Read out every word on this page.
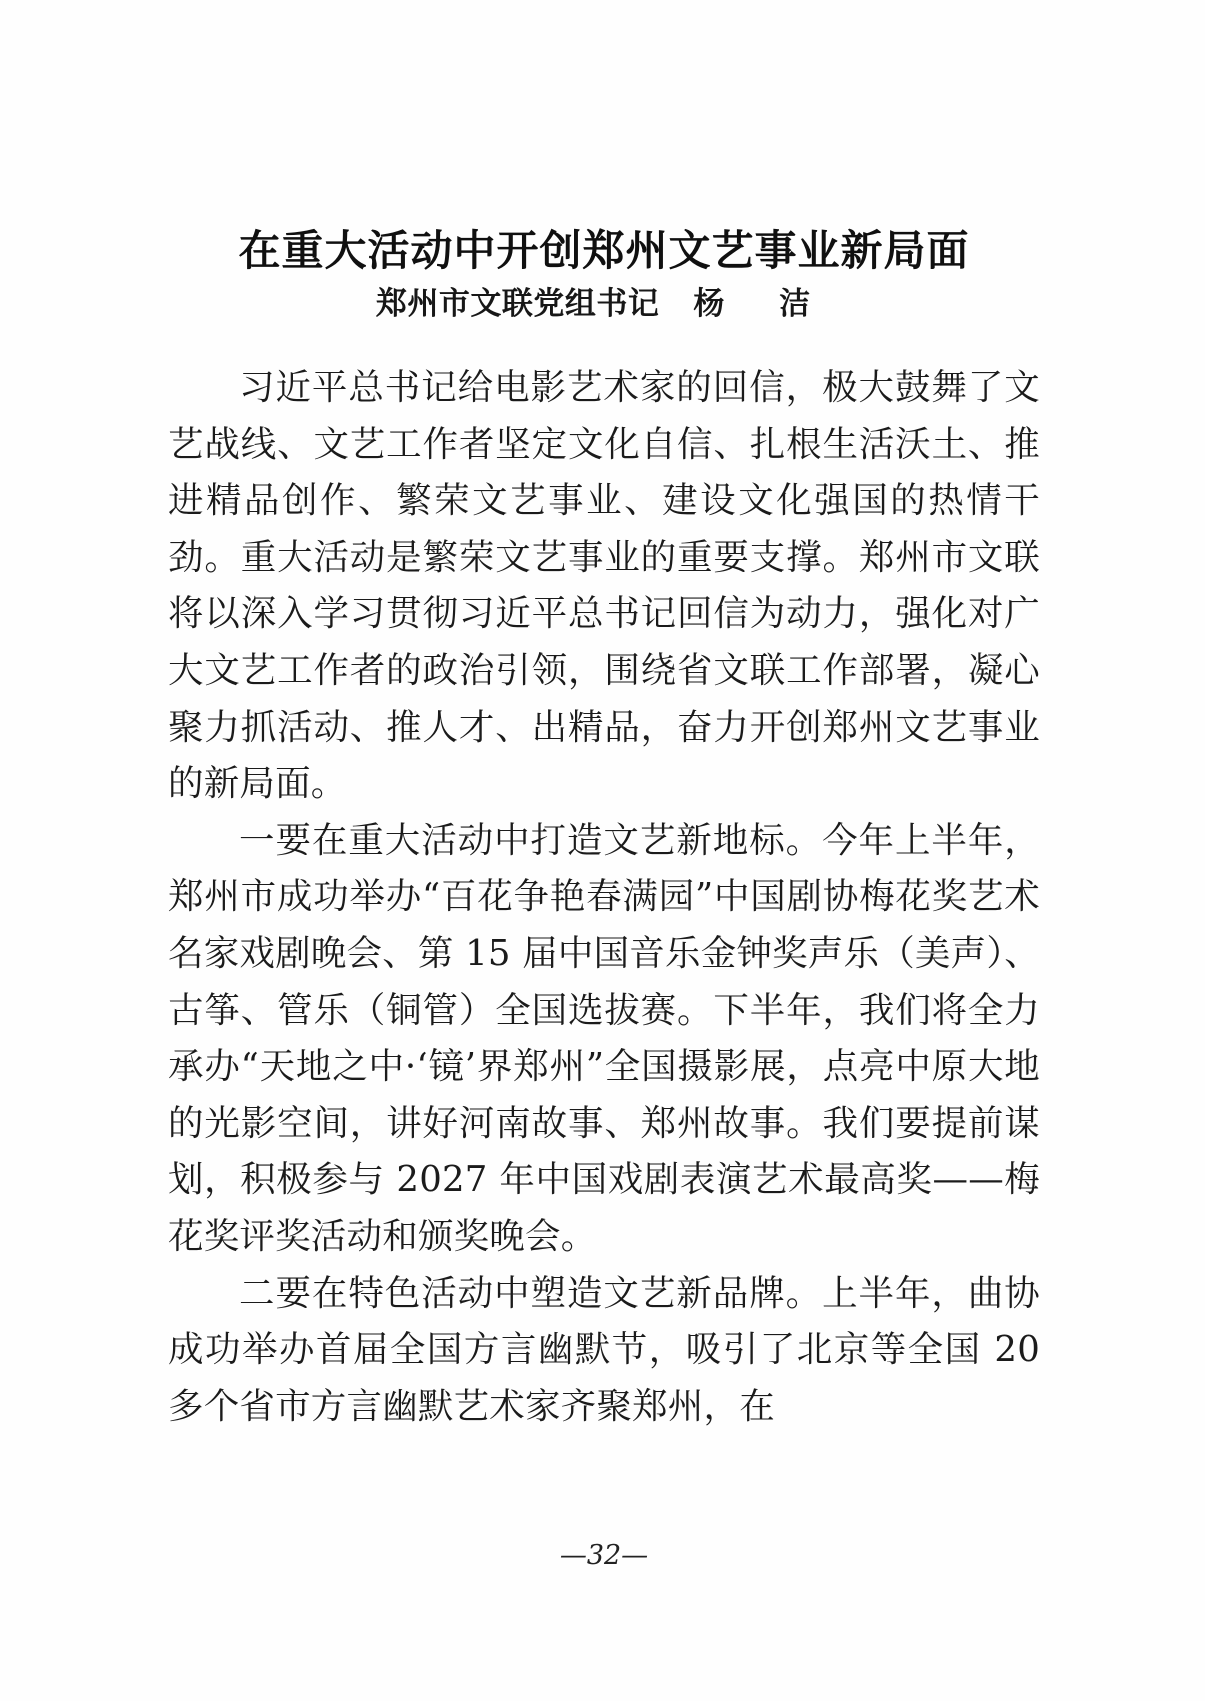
在重大活动中开创郑州文艺事业新局面
郑州市文联党组书记 杨 洁

习近平总书记给电影艺术家的回信，极大鼓舞了文艺战线、文艺工作者坚定文化自信、扎根生活沃土、推进精品创作、繁荣文艺事业、建设文化强国的热情干劲。重大活动是繁荣文艺事业的重要支撑。郑州市文联将以深入学习贯彻习近平总书记回信为动力，强化对广大文艺工作者的政治引领，围绕省文联工作部署，凝心聚力抓活动、推人才、出精品，奋力开创郑州文艺事业的新局面。

一要在重大活动中打造文艺新地标。今年上半年，郑州市成功举办“百花争艳春满园”中国剧协梅花奖艺术名家戏剧晚会、第 15 届中国音乐金钟奖声乐（美声）、古筝、管乐（铜管）全国选拔赛。下半年，我们将全力承办“天地之中·‘镜’界郑州”全国摄影展，点亮中原大地的光影空间，讲好河南故事、郑州故事。我们要提前谋划，积极参与 2027 年中国戏剧表演艺术最高奖——梅花奖评奖活动和颁奖晚会。

二要在特色活动中塑造文艺新品牌。上半年，曲协成功举办首届全国方言幽默节，吸引了北京等全国 20 多个省市方言幽默艺术家齐聚郑州，在

—32—
